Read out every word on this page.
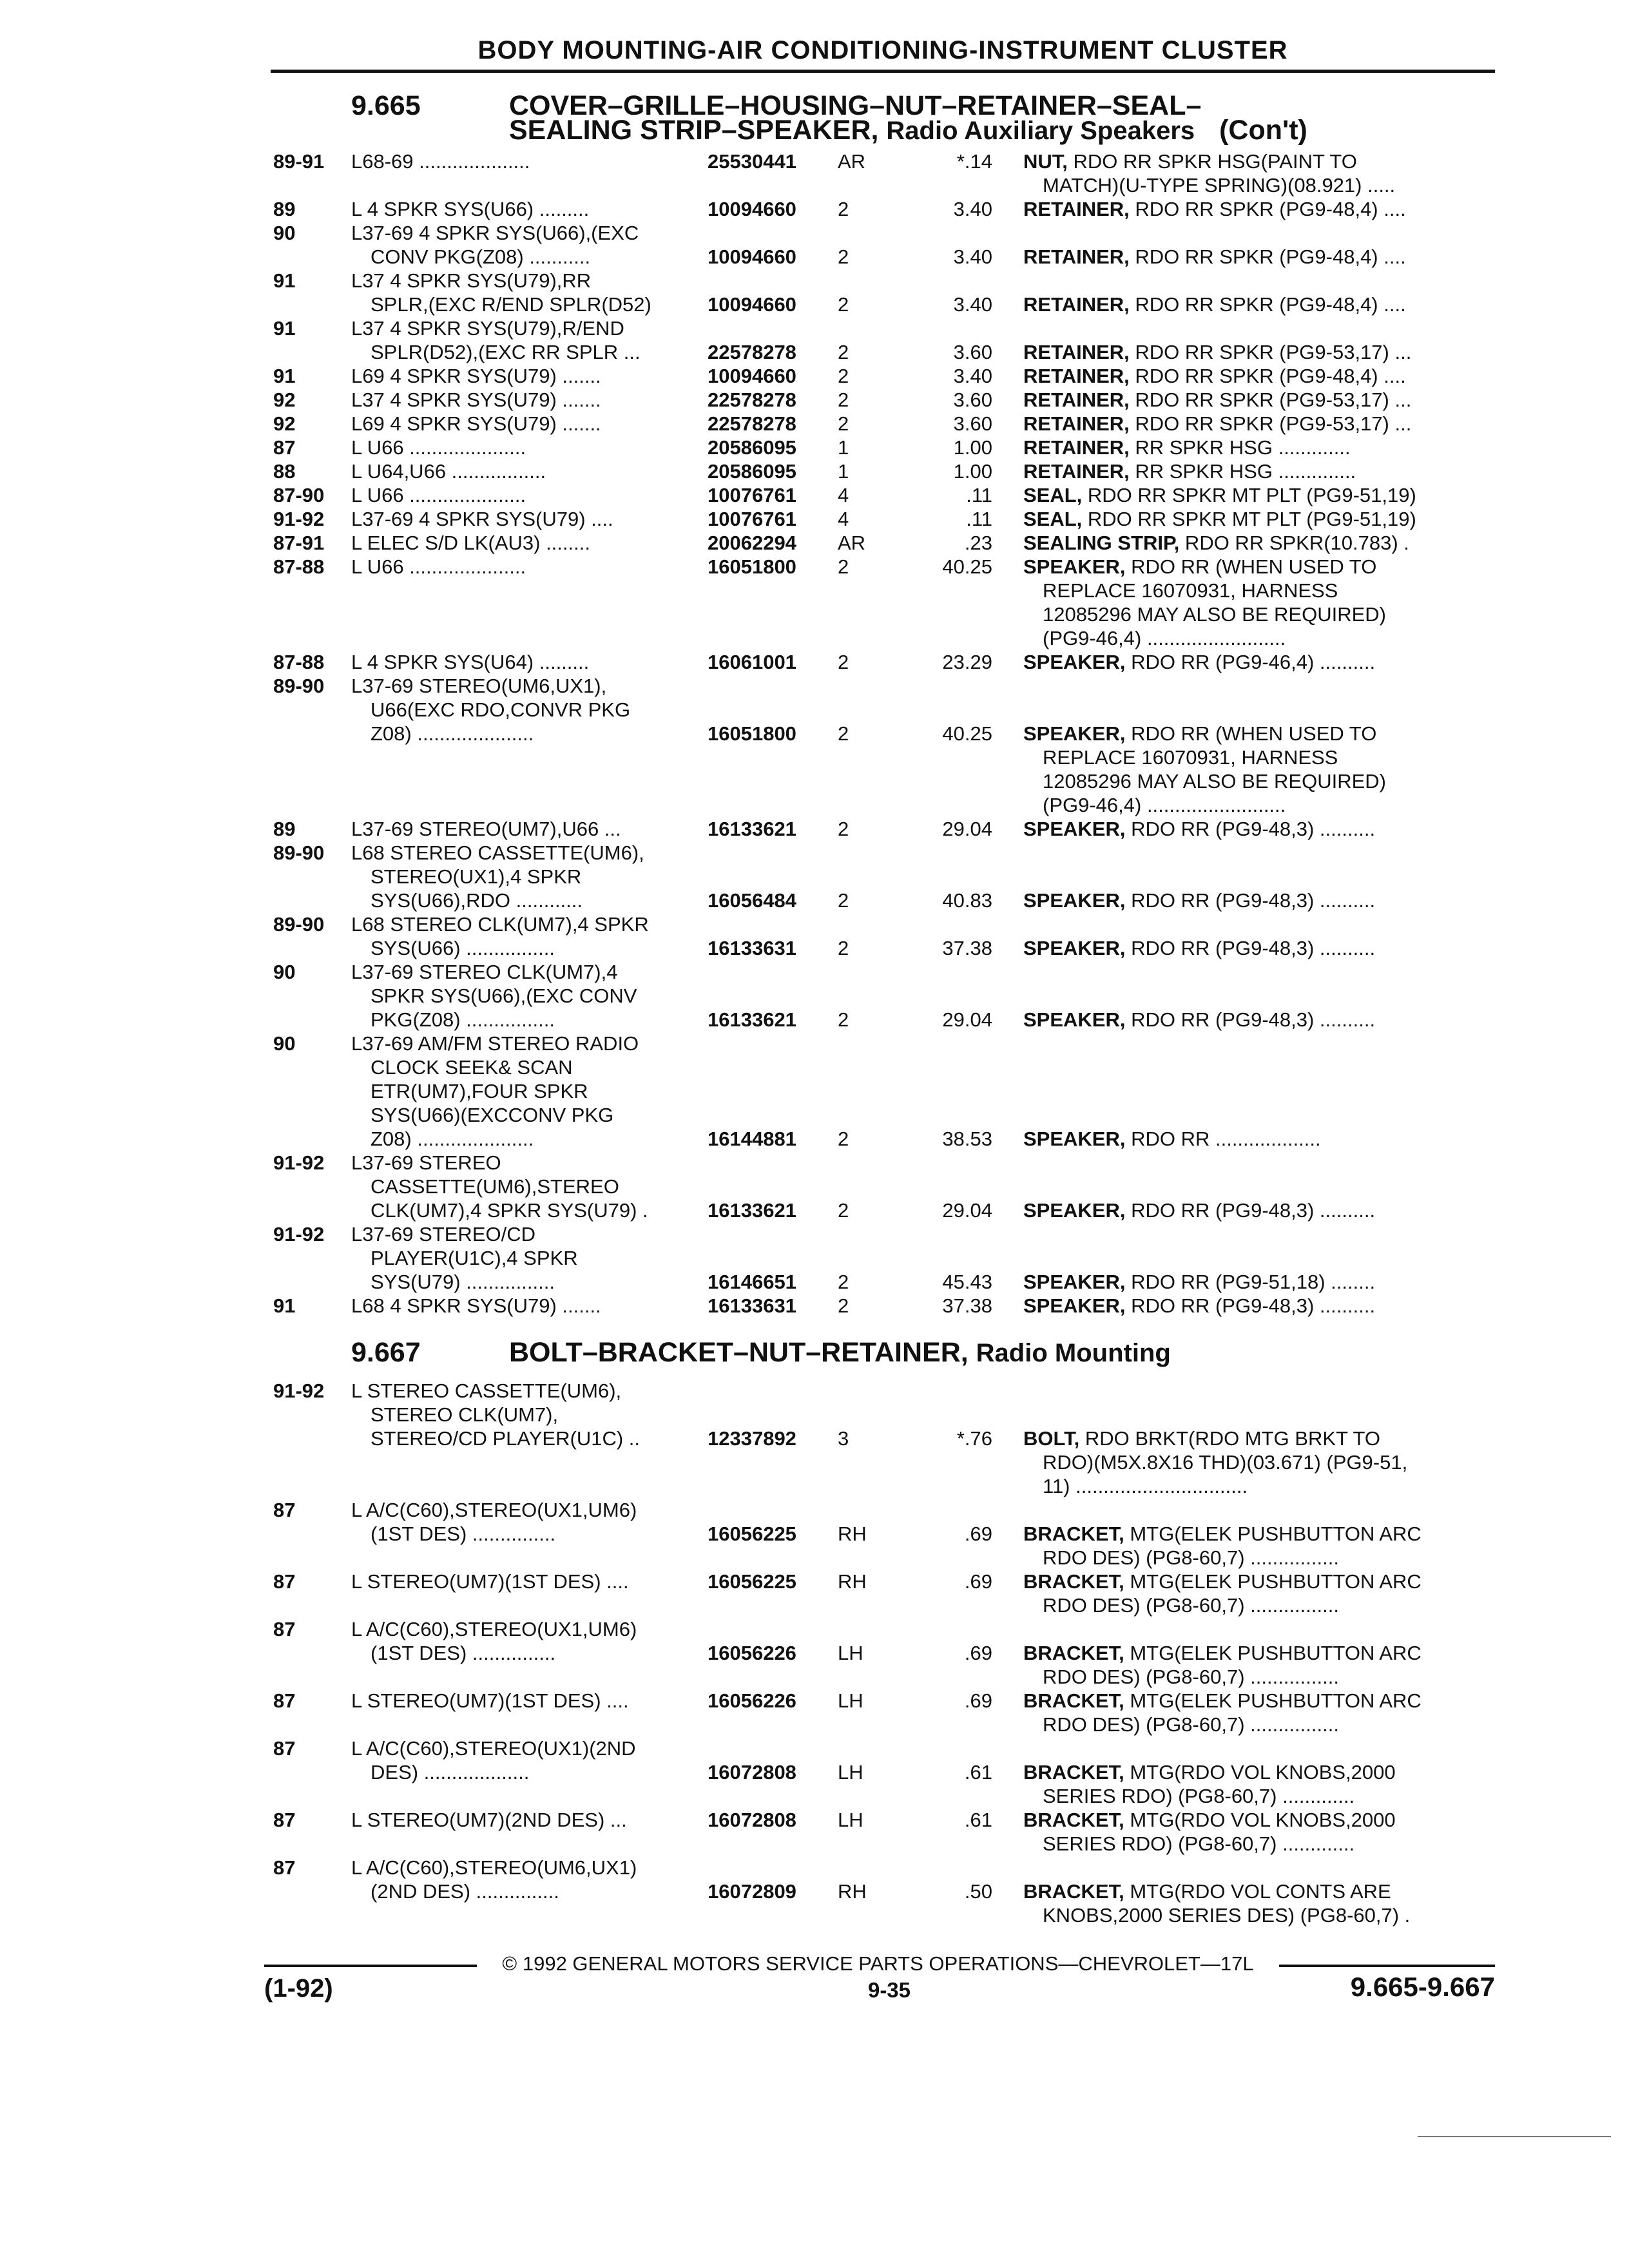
BODY MOUNTING-AIR CONDITIONING-INSTRUMENT CLUSTER
9.665	COVER–GRILLE–HOUSING–NUT–RETAINER–SEAL–
SEALING STRIP–SPEAKER, Radio Auxiliary Speakers (Con't)
89-91 L68-69 ....................	25530441 AR	*.14 NUT, RDO RR SPKR HSG(PAINT TO
MATCH)(U-TYPE SPRING)(08.921) .....
89	L 4 SPKR SYS(U66) .........	10094660 2	3.40 RETAINER, RDO RR SPKR (PG9-48,4) ....
90	L37-69 4 SPKR SYS(U66),(EXC
CONV PKG(Z08) ...........	10094660 2	3.40 RETAINER, RDO RR SPKR (PG9-48,4) ....
91	L37 4 SPKR SYS(U79),RR
SPLR,(EXC R/END SPLR(D52)	10094660 2	3.40 RETAINER, RDO RR SPKR (PG9-48,4) ....
91	L37 4 SPKR SYS(U79),R/END
SPLR(D52),(EXC RR SPLR ...	22578278 2	3.60 RETAINER, RDO RR SPKR (PG9-53,17) ...
91	L69 4 SPKR SYS(U79) .......	10094660 2	3.40 RETAINER, RDO RR SPKR (PG9-48,4) ....
92	L37 4 SPKR SYS(U79) .......	22578278 2	3.60 RETAINER, RDO RR SPKR (PG9-53,17) ...
92	L69 4 SPKR SYS(U79) .......	22578278 2	3.60 RETAINER, RDO RR SPKR (PG9-53,17) ...
87	L U66 .....................	20586095 1	1.00 RETAINER, RR SPKR HSG .............
88	L U64,U66 .................	20586095 1	1.00 RETAINER, RR SPKR HSG ..............
87-90 L U66 .....................	10076761 4	.11 SEAL, RDO RR SPKR MT PLT (PG9-51,19)
91-92 L37-69 4 SPKR SYS(U79) ....	10076761 4	.11 SEAL, RDO RR SPKR MT PLT (PG9-51,19)
87-91 L ELEC S/D LK(AU3) ........	20062294 AR	.23 SEALING STRIP, RDO RR SPKR(10.783) .
87-88 L U66 .....................	16051800 2	40.25 SPEAKER, RDO RR (WHEN USED TO
REPLACE 16070931, HARNESS
12085296 MAY ALSO BE REQUIRED)
(PG9-46,4) .........................
87-88 L 4 SPKR SYS(U64) .........	16061001 2	23.29 SPEAKER, RDO RR (PG9-46,4) ..........
89-90 L37-69 STEREO(UM6,UX1),
U66(EXC RDO,CONVR PKG
Z08) .....................	16051800 2	40.25 SPEAKER, RDO RR (WHEN USED TO
REPLACE 16070931, HARNESS
12085296 MAY ALSO BE REQUIRED)
(PG9-46,4) .........................
89	L37-69 STEREO(UM7),U66 ...	16133621 2	29.04 SPEAKER, RDO RR (PG9-48,3) ..........
89-90 L68 STEREO CASSETTE(UM6),
STEREO(UX1),4 SPKR
SYS(U66),RDO ............	16056484 2	40.83 SPEAKER, RDO RR (PG9-48,3) ..........
89-90 L68 STEREO CLK(UM7),4 SPKR
SYS(U66) ................	16133631 2	37.38 SPEAKER, RDO RR (PG9-48,3) ..........
90	L37-69 STEREO CLK(UM7),4
SPKR SYS(U66),(EXC CONV
PKG(Z08) ................	16133621 2	29.04 SPEAKER, RDO RR (PG9-48,3) ..........
90	L37-69 AM/FM STEREO RADIO
CLOCK SEEK& SCAN
ETR(UM7),FOUR SPKR
SYS(U66)(EXCCONV PKG
Z08) .....................	16144881 2	38.53 SPEAKER, RDO RR ...................
91-92 L37-69 STEREO
CASSETTE(UM6),STEREO
CLK(UM7),4 SPKR SYS(U79) .	16133621 2	29.04 SPEAKER, RDO RR (PG9-48,3) ..........
91-92 L37-69 STEREO/CD
PLAYER(U1C),4 SPKR
SYS(U79) ................	16146651 2	45.43 SPEAKER, RDO RR (PG9-51,18) ........
91	L68 4 SPKR SYS(U79) .......	16133631 2	37.38 SPEAKER, RDO RR (PG9-48,3) ..........
9.667	BOLT–BRACKET–NUT–RETAINER, Radio Mounting
91-92 L STEREO CASSETTE(UM6),
STEREO CLK(UM7),
STEREO/CD PLAYER(U1C) ..	12337892 3	*.76 BOLT, RDO BRKT(RDO MTG BRKT TO
RDO)(M5X.8X16 THD)(03.671) (PG9-51,
11) ...............................
87	L A/C(C60),STEREO(UX1,UM6)
(1ST DES) ...............	16056225 RH	.69 BRACKET, MTG(ELEK PUSHBUTTON ARC
RDO DES) (PG8-60,7) ................
87	L STEREO(UM7)(1ST DES) ....	16056225 RH	.69 BRACKET, MTG(ELEK PUSHBUTTON ARC
RDO DES) (PG8-60,7) ................
87	L A/C(C60),STEREO(UX1,UM6)
(1ST DES) ...............	16056226 LH	.69 BRACKET, MTG(ELEK PUSHBUTTON ARC
RDO DES) (PG8-60,7) ................
87	L STEREO(UM7)(1ST DES) ....	16056226 LH	.69 BRACKET, MTG(ELEK PUSHBUTTON ARC
RDO DES) (PG8-60,7) ................
87	L A/C(C60),STEREO(UX1)(2ND
DES) ...................	16072808 LH	.61 BRACKET, MTG(RDO VOL KNOBS,2000
SERIES RDO) (PG8-60,7) .............
87	L STEREO(UM7)(2ND DES) ...	16072808 LH	.61 BRACKET, MTG(RDO VOL KNOBS,2000
SERIES RDO) (PG8-60,7) .............
87	L A/C(C60),STEREO(UM6,UX1)
(2ND DES) ...............	16072809 RH	.50 BRACKET, MTG(RDO VOL CONTS ARE
KNOBS,2000 SERIES DES) (PG8-60,7) .
© 1992 GENERAL MOTORS SERVICE PARTS OPERATIONS—CHEVROLET—17L
(1-92)	9-35	9.665-9.667
